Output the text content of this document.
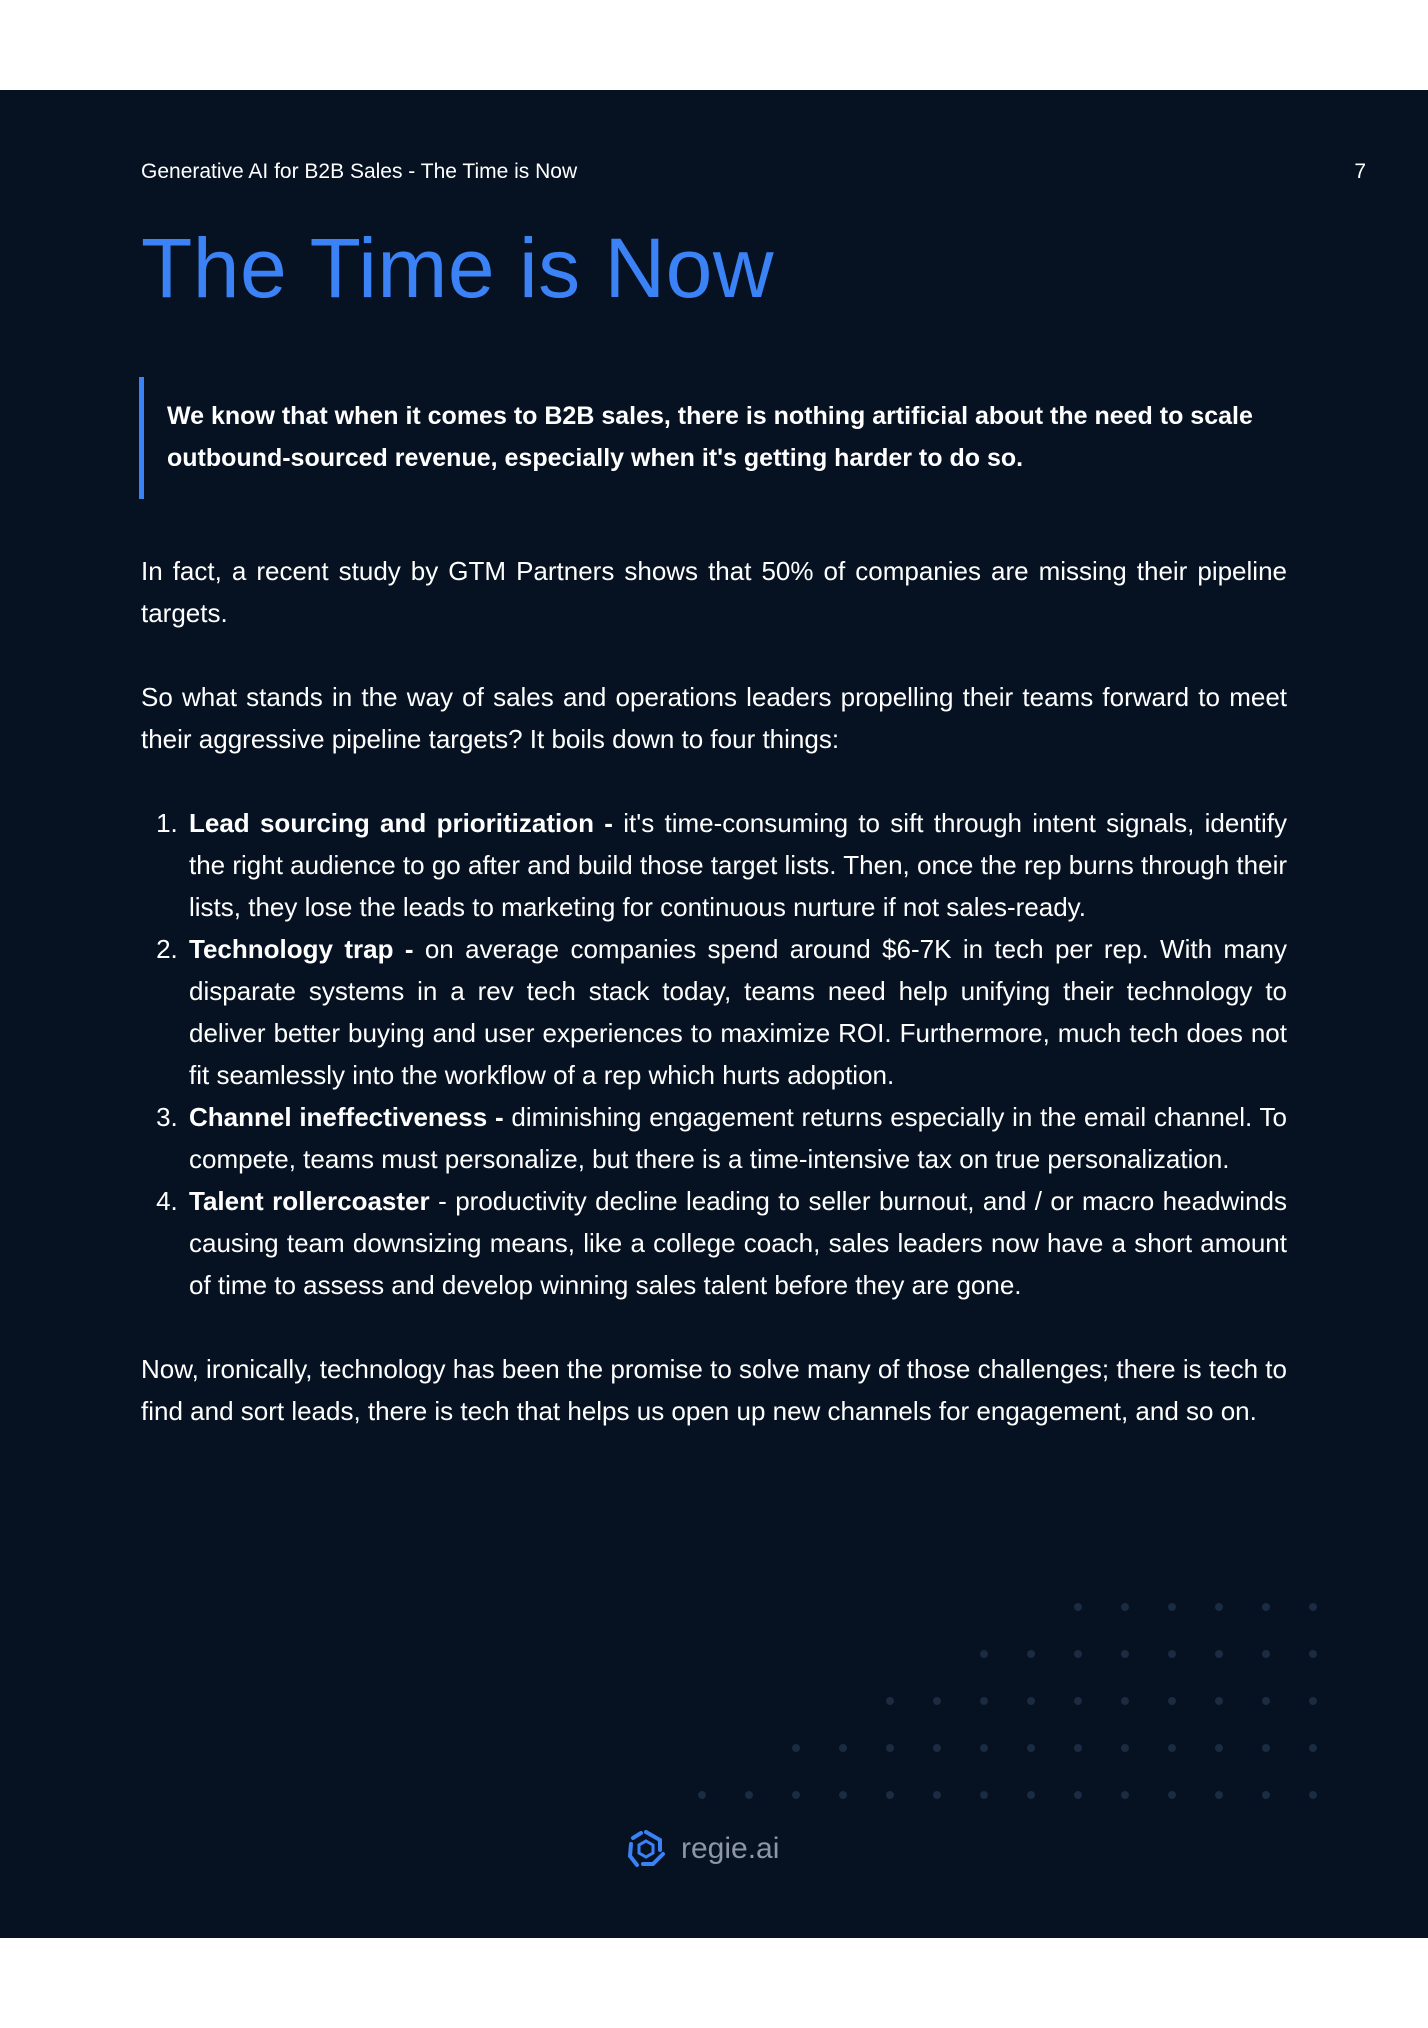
Generative AI for B2B Sales - The Time is Now	7
The Time is Now

We know that when it comes to B2B sales, there is nothing artificial about the need to scale outbound-sourced revenue, especially when it's getting harder to do so.

In fact, a recent study by GTM Partners shows that 50% of companies are missing their pipeline targets.

So what stands in the way of sales and operations leaders propelling their teams forward to meet their aggressive pipeline targets? It boils down to four things:

1. Lead sourcing and prioritization - it's time-consuming to sift through intent signals, identify the right audience to go after and build those target lists. Then, once the rep burns through their lists, they lose the leads to marketing for continuous nurture if not sales-ready.
2. Technology trap - on average companies spend around $6-7K in tech per rep. With many disparate systems in a rev tech stack today, teams need help unifying their technology to deliver better buying and user experiences to maximize ROI. Furthermore, much tech does not fit seamlessly into the workflow of a rep which hurts adoption.
3. Channel ineffectiveness - diminishing engagement returns especially in the email channel. To compete, teams must personalize, but there is a time-intensive tax on true personalization.
4. Talent rollercoaster - productivity decline leading to seller burnout, and / or macro headwinds causing team downsizing means, like a college coach, sales leaders now have a short amount of time to assess and develop winning sales talent before they are gone.

Now, ironically, technology has been the promise to solve many of those challenges; there is tech to find and sort leads, there is tech that helps us open up new channels for engagement, and so on.

regie.ai
